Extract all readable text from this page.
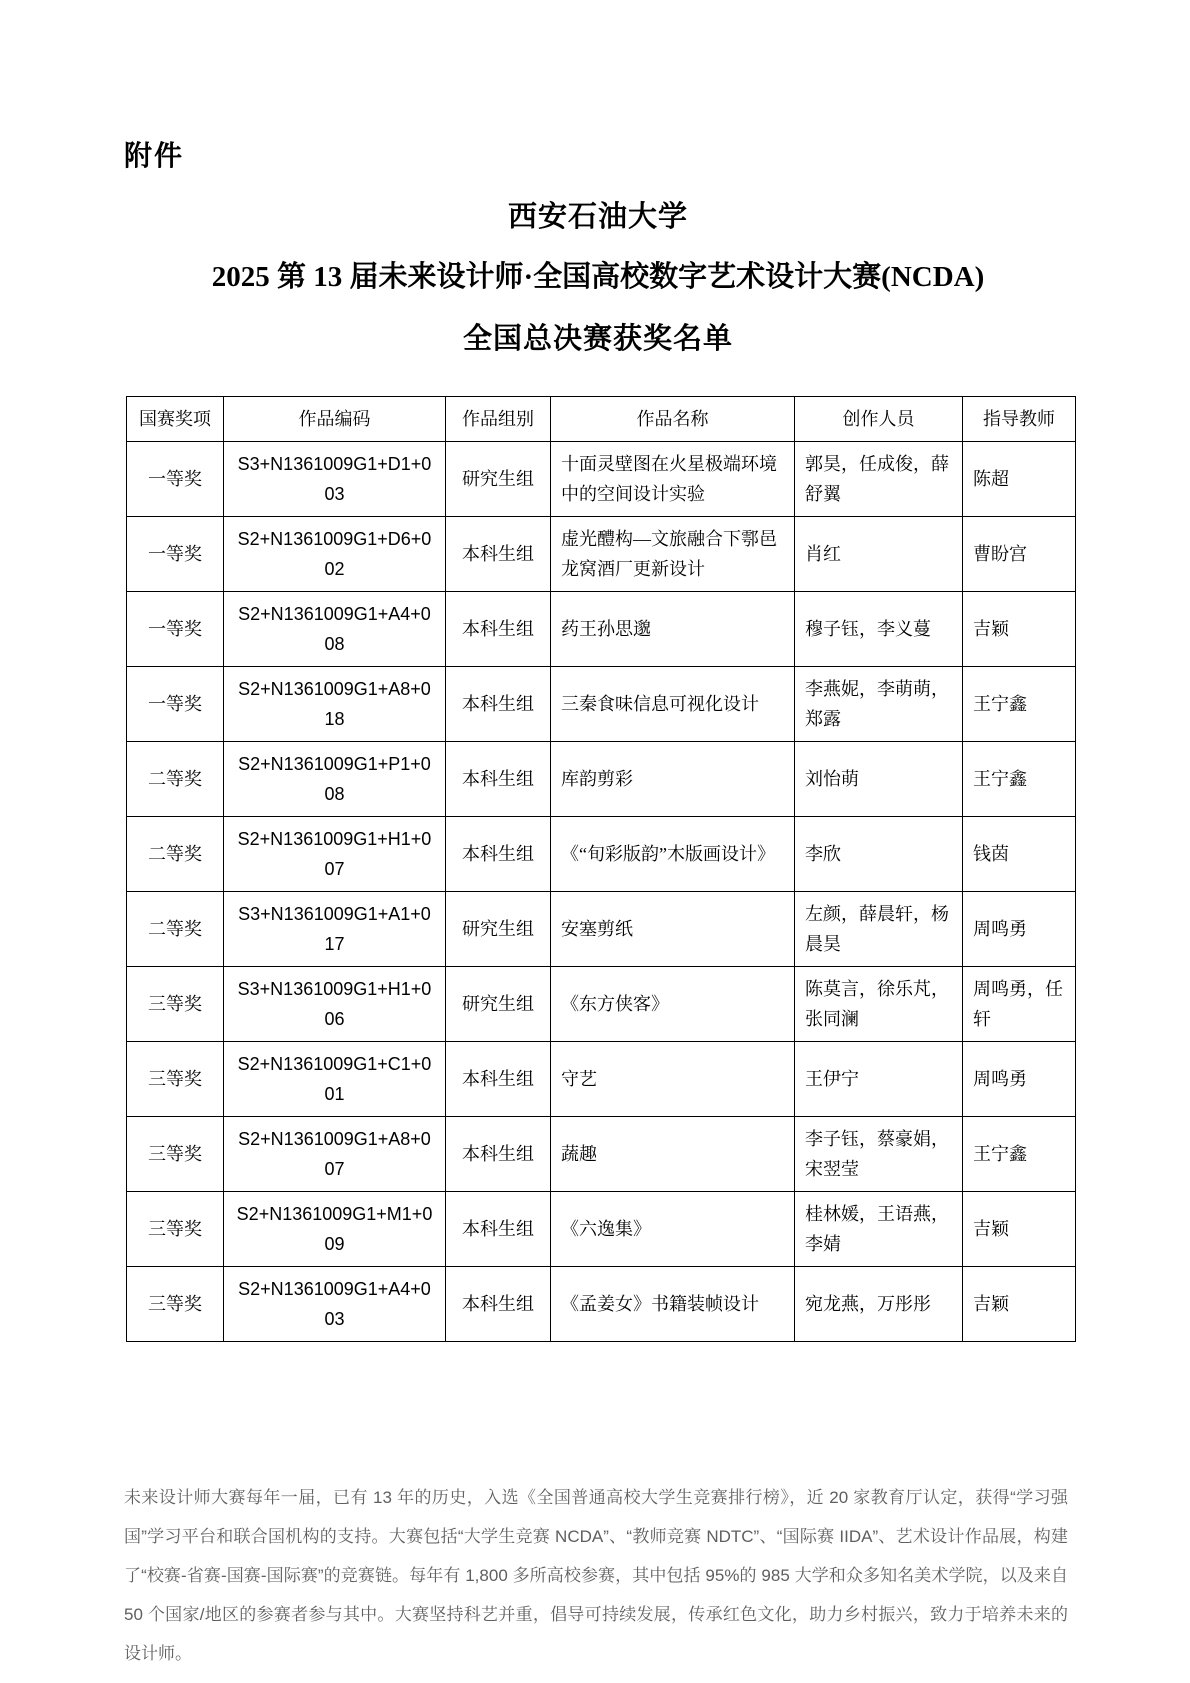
附件
西安石油大学
2025 第 13 届未来设计师·全国高校数字艺术设计大赛(NCDA)
全国总决赛获奖名单
国赛奖项	作品编码	作品组别	作品名称	创作人员	指导教师
一等奖	S3+N1361009G1+D1+003	研究生组	十面灵壁图在火星极端环境中的空间设计实验	郭昊，任成俊，薛舒翼	陈超
一等奖	S2+N1361009G1+D6+002	本科生组	虚光醴构—文旅融合下鄠邑龙窝酒厂更新设计	肖红	曹盼宫
一等奖	S2+N1361009G1+A4+008	本科生组	药王孙思邈	穆子钰，李义蔓	吉颖
一等奖	S2+N1361009G1+A8+018	本科生组	三秦食味信息可视化设计	李燕妮，李萌萌，郑露	王宁鑫
二等奖	S2+N1361009G1+P1+008	本科生组	库韵剪彩	刘怡萌	王宁鑫
二等奖	S2+N1361009G1+H1+007	本科生组	《“旬彩版韵”木版画设计》	李欣	钱茵
二等奖	S3+N1361009G1+A1+017	研究生组	安塞剪纸	左颜，薛晨轩，杨晨昊	周鸣勇
三等奖	S3+N1361009G1+H1+006	研究生组	《东方侠客》	陈莫言，徐乐芃，张同澜	周鸣勇，任轩
三等奖	S2+N1361009G1+C1+001	本科生组	守艺	王伊宁	周鸣勇
三等奖	S2+N1361009G1+A8+007	本科生组	蔬趣	李子钰，蔡豪娟，宋翌莹	王宁鑫
三等奖	S2+N1361009G1+M1+009	本科生组	《六逸集》	桂林媛，王语燕，李婧	吉颖
三等奖	S2+N1361009G1+A4+003	本科生组	《孟姜女》书籍装帧设计	宛龙燕，万彤彤	吉颖

未来设计师大赛每年一届，已有 13 年的历史，入选《全国普通高校大学生竞赛排行榜》，近 20 家教育厅认定，获得“学习强国”学习平台和联合国机构的支持。大赛包括“大学生竞赛 NCDA”、“教师竞赛 NDTC”、“国际赛 IIDA”、艺术设计作品展，构建了“校赛-省赛-国赛-国际赛”的竞赛链。每年有 1,800 多所高校参赛，其中包括 95%的 985 大学和众多知名美术学院，以及来自 50 个国家/地区的参赛者参与其中。大赛坚持科艺并重，倡导可持续发展，传承红色文化，助力乡村振兴，致力于培养未来的设计师。
